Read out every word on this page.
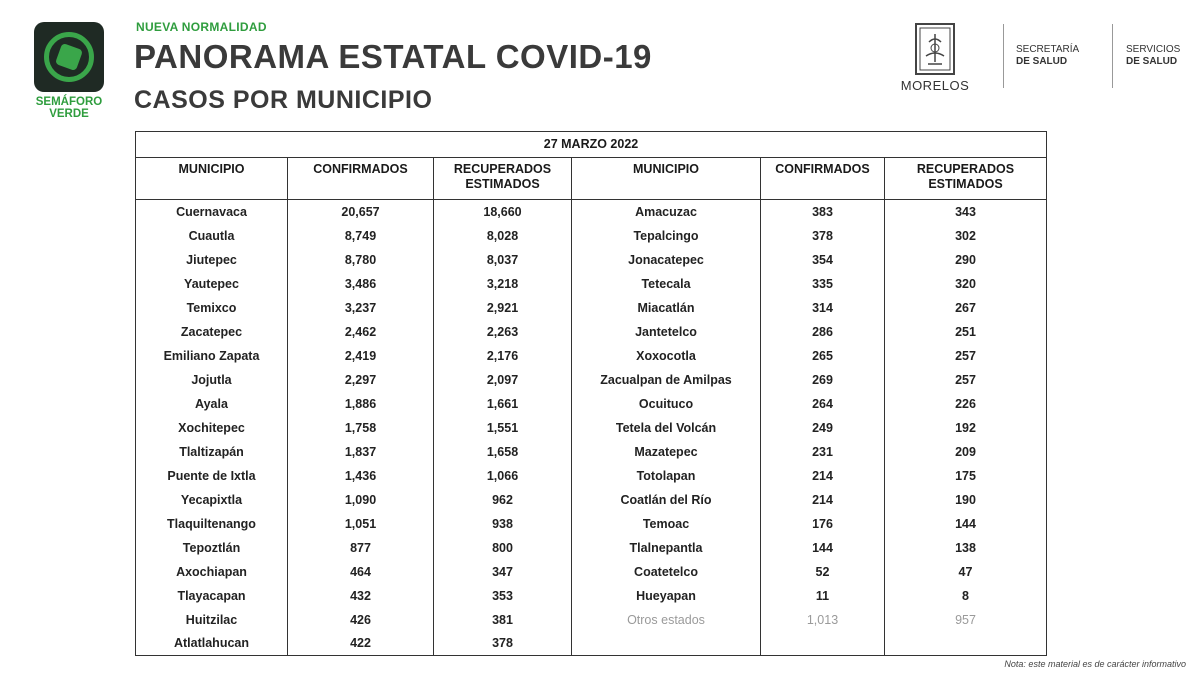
SEMÁFORO
VERDE
NUEVA NORMALIDAD
PANORAMA ESTATAL COVID-19
CASOS POR MUNICIPIO
MORELOS
SECRETARÍA
DE SALUD
SERVICIOS
DE SALUD
27 MARZO 2022					
MUNICIPIO	CONFIRMADOS	RECUPERADOS ESTIMADOS	MUNICIPIO	CONFIRMADOS	RECUPERADOS ESTIMADOS
Cuernavaca	20,657	18,660	Amacuzac	383	343
Cuautla	8,749	8,028	Tepalcingo	378	302
Jiutepec	8,780	8,037	Jonacatepec	354	290
Yautepec	3,486	3,218	Tetecala	335	320
Temixco	3,237	2,921	Miacatlán	314	267
Zacatepec	2,462	2,263	Jantetelco	286	251
Emiliano Zapata	2,419	2,176	Xoxocotla	265	257
Jojutla	2,297	2,097	Zacualpan de Amilpas	269	257
Ayala	1,886	1,661	Ocuituco	264	226
Xochitepec	1,758	1,551	Tetela del Volcán	249	192
Tlaltizapán	1,837	1,658	Mazatepec	231	209
Puente de Ixtla	1,436	1,066	Totolapan	214	175
Yecapixtla	1,090	962	Coatlán del Río	214	190
Tlaquiltenango	1,051	938	Temoac	176	144
Tepoztlán	877	800	Tlalnepantla	144	138
Axochiapan	464	347	Coatetelco	52	47
Tlayacapan	432	353	Hueyapan	11	8
Huitzilac	426	381	Otros estados	1,013	957
Atlatlahucan	422	378			
Nota: este material es de carácter informativo
